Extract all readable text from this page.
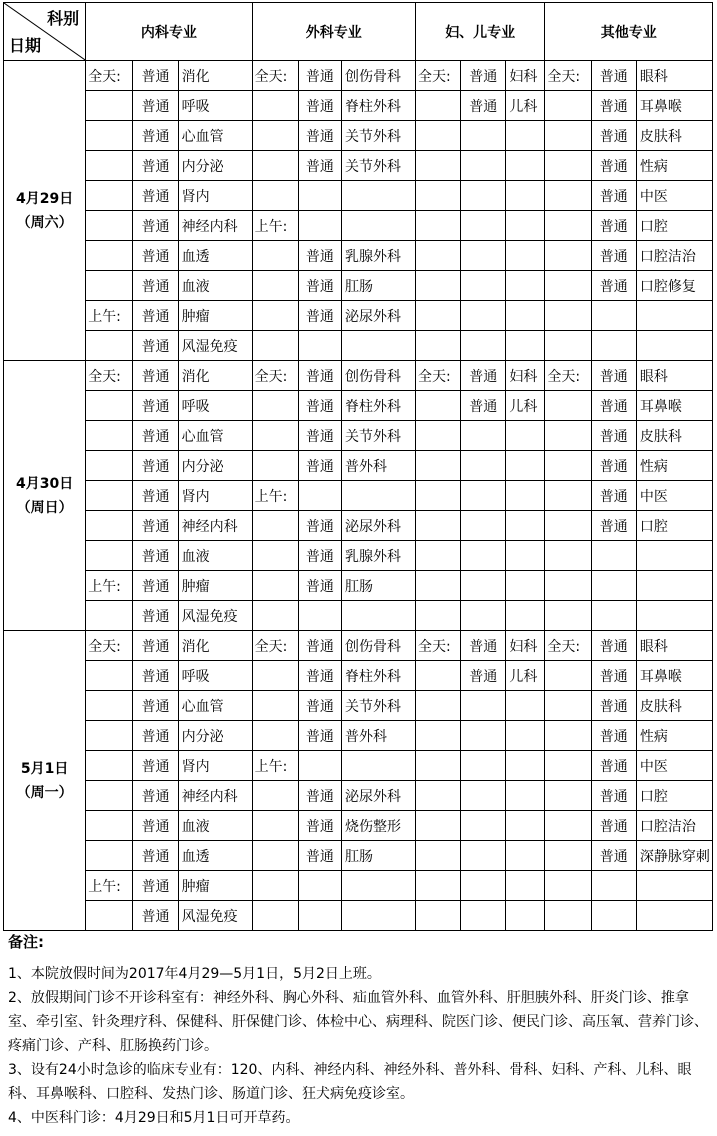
科别
日期	内科专业			外科专业			妇、儿专业			其他专业		

4月29日
（周六）	全天:	普通	消化	全天:	普通	创伤骨科	全天:	普通	妇科	全天:	普通	眼科
		普通	呼吸		普通	脊柱外科		普通	儿科		普通	耳鼻喉
		普通	心血管		普通	关节外科					普通	皮肤科
		普通	内分泌		普通	关节外科					普通	性病
		普通	肾内								普通	中医
		普通	神经内科	上午:							普通	口腔
		普通	血透		普通	乳腺外科					普通	口腔洁治
		普通	血液		普通	肛肠					普通	口腔修复
	上午:	普通	肿瘤		普通	泌尿外科						
		普通	风湿免疫									

4月30日
（周日）	全天:	普通	消化	全天:	普通	创伤骨科	全天:	普通	妇科	全天:	普通	眼科
		普通	呼吸		普通	脊柱外科		普通	儿科		普通	耳鼻喉
		普通	心血管		普通	关节外科					普通	皮肤科
		普通	内分泌		普通	普外科					普通	性病
		普通	肾内	上午:							普通	中医
		普通	神经内科		普通	泌尿外科					普通	口腔
		普通	血液		普通	乳腺外科						
	上午:	普通	肿瘤		普通	肛肠						
		普通	风湿免疫									

5月1日
（周一）	全天:	普通	消化	全天:	普通	创伤骨科	全天:	普通	妇科	全天:	普通	眼科
		普通	呼吸		普通	脊柱外科		普通	儿科		普通	耳鼻喉
		普通	心血管		普通	关节外科					普通	皮肤科
		普通	内分泌		普通	普外科					普通	性病
		普通	肾内	上午:							普通	中医
		普通	神经内科		普通	泌尿外科					普通	口腔
		普通	血液		普通	烧伤整形					普通	口腔洁治
		普通	血透		普通	肛肠					普通	深静脉穿刺
	上午:	普通	肿瘤									
		普通	风湿免疫									
备注:

1、本院放假时间为2017年4月29—5月1日，5月2日上班。

2、放假期间门诊不开诊科室有：神经外科、胸心外科、疝血管外科、血管外科、肝胆胰外科、肝炎门诊、推拿室、牵引室、针灸理疗科、保健科、肝保健门诊、体检中心、病理科、院医门诊、便民门诊、高压氧、营养门诊、疼痛门诊、产科、肛肠换药门诊。

3、设有24小时急诊的临床专业有：120、内科、神经内科、神经外科、普外科、骨科、妇科、产科、儿科、眼科、耳鼻喉科、口腔科、发热门诊、肠道门诊、狂犬病免疫诊室。

4、中医科门诊：4月29日和5月1日可开草药。
